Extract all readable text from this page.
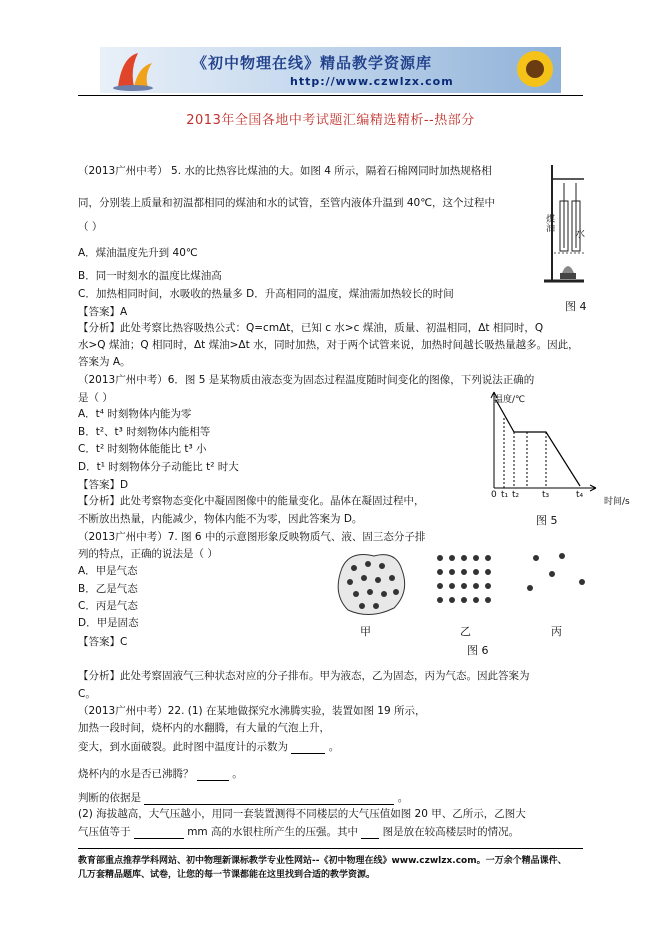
《初中物理在线》精品教学资源库
http://www.czwlzx.com
2013年全国各地中考试题汇编精选精析--热部分
（2013广州中考） 5. 水的比热容比煤油的大。如图 4 所示，隔着石棉网同时加热规格相
同，分别装上质量和初温都相同的煤油和水的试管，至管内液体升温到 40℃，这个过程中
（ ）
A．煤油温度先升到 40℃
B．同一时刻水的温度比煤油高
C．加热相同时间，水吸收的热量多 D．升高相同的温度，煤油需加热较长的时间
【答案】A
【分析】此处考察比热容吸热公式：Q=cmΔt，已知 c 水>c 煤油，质量、初温相同，Δt 相同时，Q
水>Q 煤油；Q 相同时，Δt 煤油>Δt 水，同时加热，对于两个试管来说，加热时间越长吸热量越多。因此，
答案为 A。
（2013广州中考）6．图 5 是某物质由液态变为固态过程温度随时间变化的图像，下列说法正确的
是（ ）
A．t⁴ 时刻物体内能为零
B．t²、t³ 时刻物体内能相等
C．t² 时刻物体能能比 t³ 小
D．t¹ 时刻物体分子动能比 t² 时大
【答案】D
【分析】此处考察物态变化中凝固图像中的能量变化。晶体在凝固过程中，
不断放出热量，内能减少，物体内能不为零，因此答案为 D。
（2013广州中考）7. 图 6 中的示意图形象反映物质气、液、固三态分子排
列的特点，正确的说法是（ ）
A．甲是气态
B．乙是气态
C．丙是气态
D．甲是固态
【答案】C
【分析】此处考察固液气三种状态对应的分子排布。甲为液态，乙为固态，丙为气态。因此答案为
C。
（2013广州中考）22. (1) 在某地做探究水沸腾实验，装置如图 19 所示，
加热一段时间，烧杯内的水翻腾，有大量的气泡上升，
变大，到水面破裂。此时图中温度计的示数为	。
烧杯内的水是否已沸腾？	。
判断的依据是	。
(2) 海拔越高，大气压越小，用同一套装置测得不同楼层的大气压值如图 20 甲、乙所示，乙图大
气压值等于	mm 高的水银柱所产生的压强。其中 图是放在较高楼层时的情况。
煤油
水
图 4
温度/℃
时间/s
0 t₁ t₂	t₃	t₄
图 5
甲	乙	丙
图 6
教育部重点推荐学科网站、初中物理新课标教学专业性网站--《初中物理在线》www.czwlzx.com。一万余个精品课件、
几万套精品题库、试卷，让您的每一节课都能在这里找到合适的教学资源。
